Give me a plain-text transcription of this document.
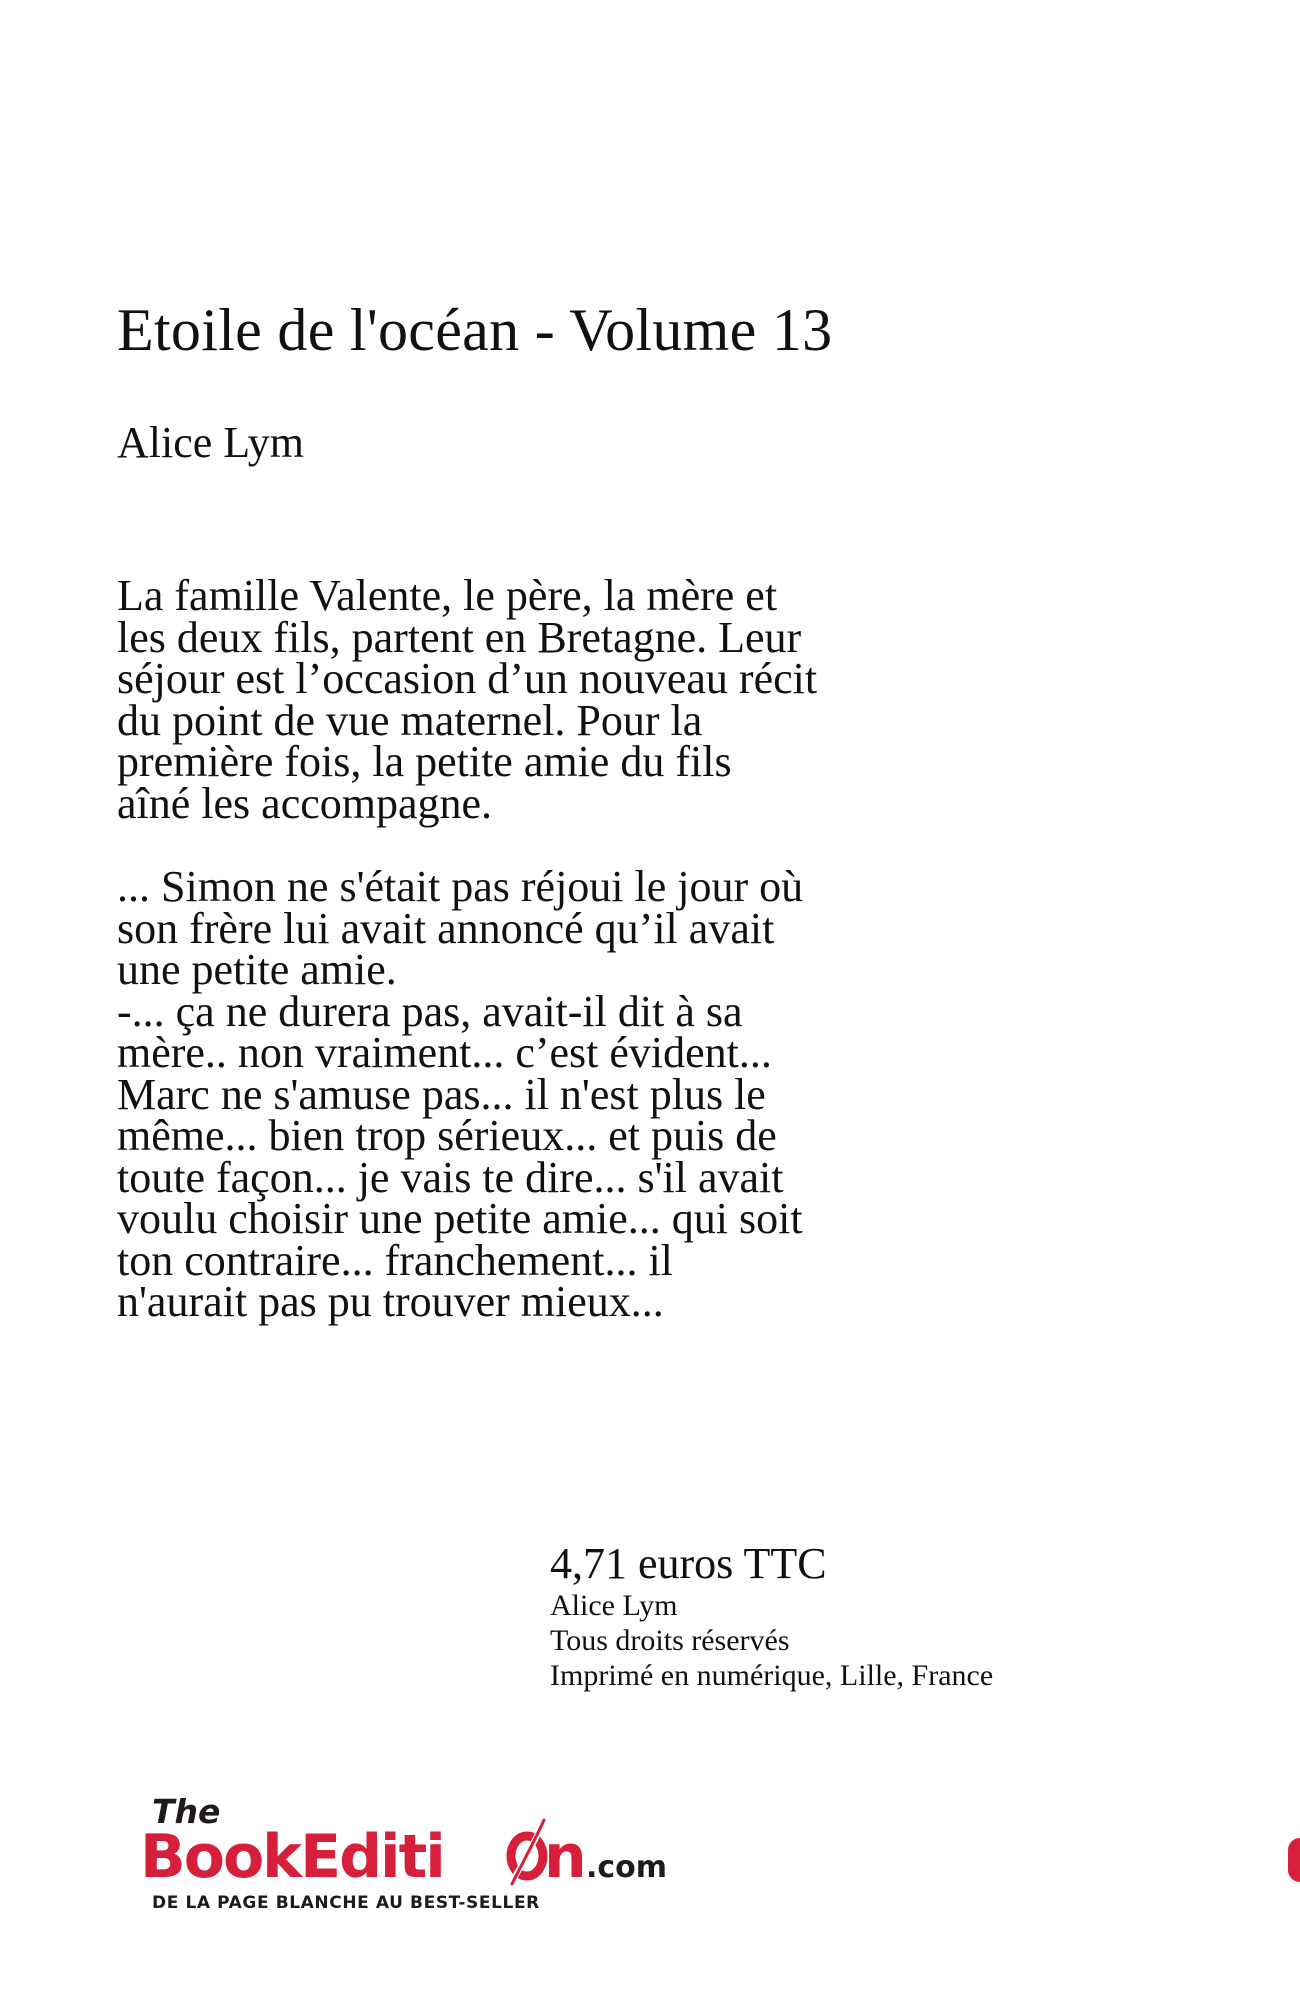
Etoile de l'océan - Volume 13
Alice Lym
La famille Valente, le père, la mère et
les deux fils, partent en Bretagne. Leur
séjour est l’occasion d’un nouveau récit
du point de vue maternel. Pour la
première fois, la petite amie du fils
aîné les accompagne.
... Simon ne s'était pas réjoui le jour où
son frère lui avait annoncé qu’il avait
une petite amie.
-... ça ne durera pas, avait-il dit à sa
mère.. non vraiment... c’est évident...
Marc ne s'amuse pas... il n'est plus le
même... bien trop sérieux... et puis de
toute façon... je vais te dire... s'il avait
voulu choisir une petite amie... qui soit
ton contraire... franchement... il
n'aurait pas pu trouver mieux...
4,71 euros TTC
Alice Lym
Tous droits réservés
Imprimé en numérique, Lille, France
The
BookEditi n .com
DE LA PAGE BLANCHE AU BEST-SELLER
